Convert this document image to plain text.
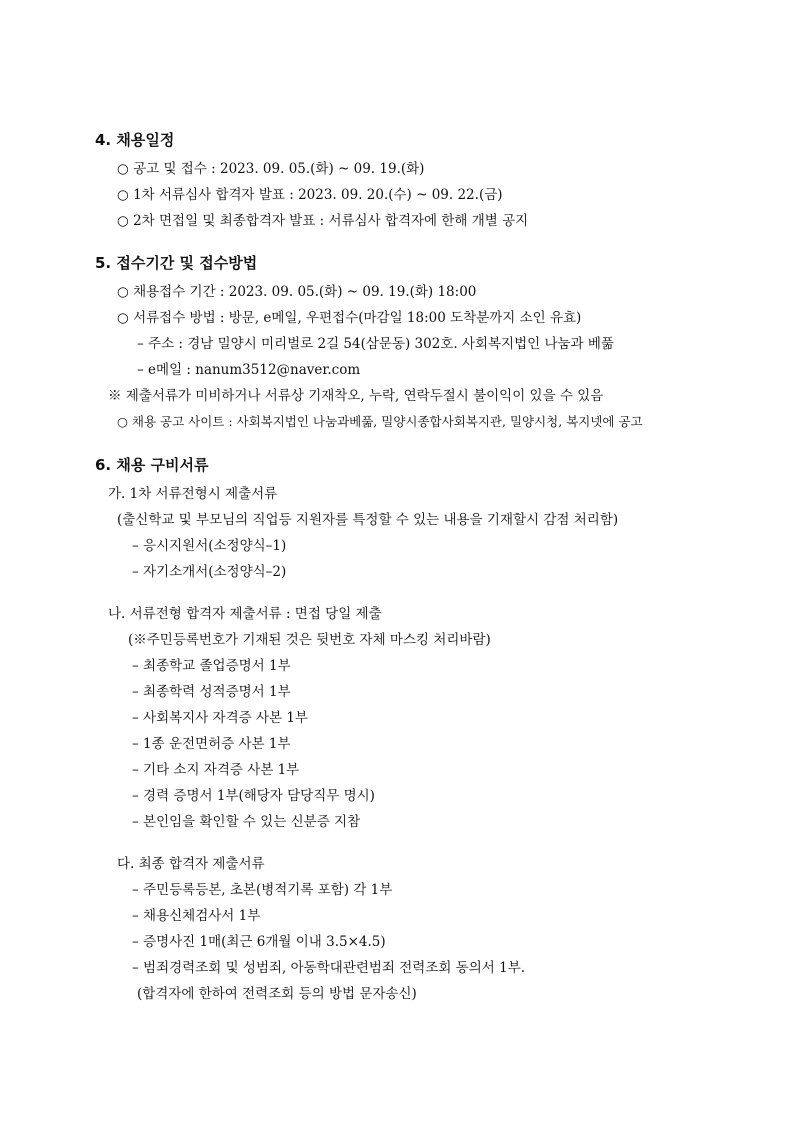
4. 채용일정
○ 공고 및 접수 : 2023. 09. 05.(화) ~ 09. 19.(화)
○ 1차 서류심사 합격자 발표 : 2023. 09. 20.(수) ~ 09. 22.(금)
○ 2차 면접일 및 최종합격자 발표 : 서류심사 합격자에 한해 개별 공지
5. 접수기간 및 접수방법
○ 채용접수 기간 : 2023. 09. 05.(화) ~ 09. 19.(화) 18:00
○ 서류접수 방법 : 방문, e메일, 우편접수(마감일 18:00 도착분까지 소인 유효)
– 주소 : 경남 밀양시 미리벌로 2길 54(삼문동) 302호. 사회복지법인 나눔과 베풂
– e메일 : nanum3512@naver.com
※ 제출서류가 미비하거나 서류상 기재착오, 누락, 연락두절시 불이익이 있을 수 있음
○ 채용 공고 사이트 : 사회복지법인 나눔과베풂, 밀양시종합사회복지관, 밀양시청, 복지넷에 공고
6. 채용 구비서류
가. 1차 서류전형시 제출서류
(출신학교 및 부모님의 직업등 지원자를 특정할 수 있는 내용을 기재할시 감점 처리함)
– 응시지원서(소정양식–1)
– 자기소개서(소정양식–2)
나. 서류전형 합격자 제출서류 : 면접 당일 제출
(※주민등록번호가 기재된 것은 뒷번호 자체 마스킹 처리바람)
– 최종학교 졸업증명서 1부
– 최종학력 성적증명서 1부
– 사회복지사 자격증 사본 1부
– 1종 운전면허증 사본 1부
– 기타 소지 자격증 사본 1부
– 경력 증명서 1부(해당자 담당직무 명시)
– 본인임을 확인할 수 있는 신분증 지참
다. 최종 합격자 제출서류
– 주민등록등본, 초본(병적기록 포함) 각 1부
– 채용신체검사서 1부
– 증명사진 1매(최근 6개월 이내 3.5×4.5)
– 범죄경력조회 및 성범죄, 아동학대관련범죄 전력조회 동의서 1부.
(합격자에 한하여 전력조회 등의 방법 문자송신)
